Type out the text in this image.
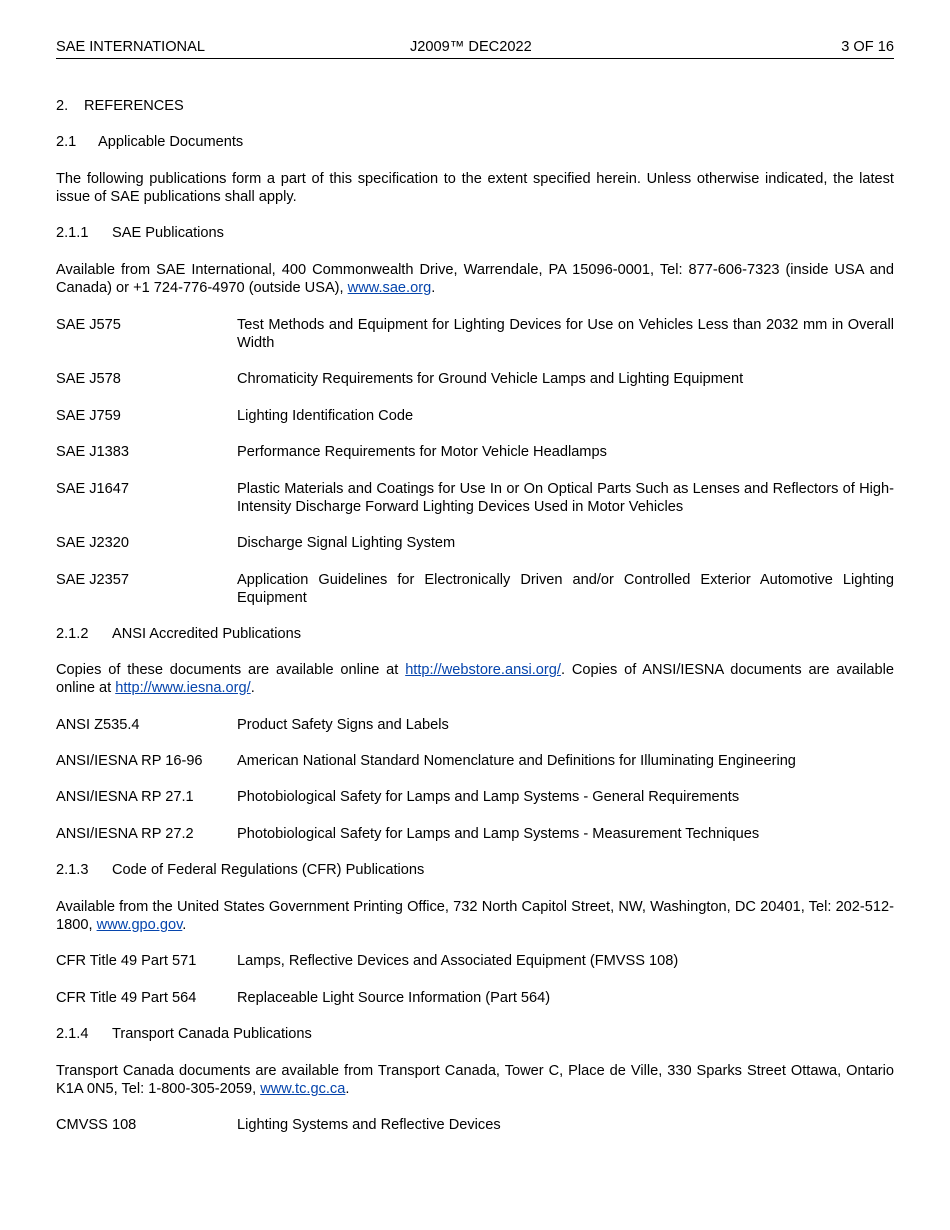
SAE INTERNATIONAL	J2009™ DEC2022	3 OF 16
2. REFERENCES
2.1 Applicable Documents
The following publications form a part of this specification to the extent specified herein. Unless otherwise indicated, the latest issue of SAE publications shall apply.
2.1.1 SAE Publications
Available from SAE International, 400 Commonwealth Drive, Warrendale, PA 15096-0001, Tel: 877-606-7323 (inside USA and Canada) or +1 724-776-4970 (outside USA), www.sae.org.
SAE J575	Test Methods and Equipment for Lighting Devices for Use on Vehicles Less than 2032 mm in Overall Width
SAE J578	Chromaticity Requirements for Ground Vehicle Lamps and Lighting Equipment
SAE J759	Lighting Identification Code
SAE J1383	Performance Requirements for Motor Vehicle Headlamps
SAE J1647	Plastic Materials and Coatings for Use In or On Optical Parts Such as Lenses and Reflectors of High-Intensity Discharge Forward Lighting Devices Used in Motor Vehicles
SAE J2320	Discharge Signal Lighting System
SAE J2357	Application Guidelines for Electronically Driven and/or Controlled Exterior Automotive Lighting Equipment
2.1.2 ANSI Accredited Publications
Copies of these documents are available online at http://webstore.ansi.org/. Copies of ANSI/IESNA documents are available online at http://www.iesna.org/.
ANSI Z535.4	Product Safety Signs and Labels
ANSI/IESNA RP 16-96	American National Standard Nomenclature and Definitions for Illuminating Engineering
ANSI/IESNA RP 27.1	Photobiological Safety for Lamps and Lamp Systems - General Requirements
ANSI/IESNA RP 27.2	Photobiological Safety for Lamps and Lamp Systems - Measurement Techniques
2.1.3 Code of Federal Regulations (CFR) Publications
Available from the United States Government Printing Office, 732 North Capitol Street, NW, Washington, DC 20401, Tel: 202-512-1800, www.gpo.gov.
CFR Title 49 Part 571	Lamps, Reflective Devices and Associated Equipment (FMVSS 108)
CFR Title 49 Part 564	Replaceable Light Source Information (Part 564)
2.1.4 Transport Canada Publications
Transport Canada documents are available from Transport Canada, Tower C, Place de Ville, 330 Sparks Street Ottawa, Ontario K1A 0N5, Tel: 1-800-305-2059, www.tc.gc.ca.
CMVSS 108	Lighting Systems and Reflective Devices
